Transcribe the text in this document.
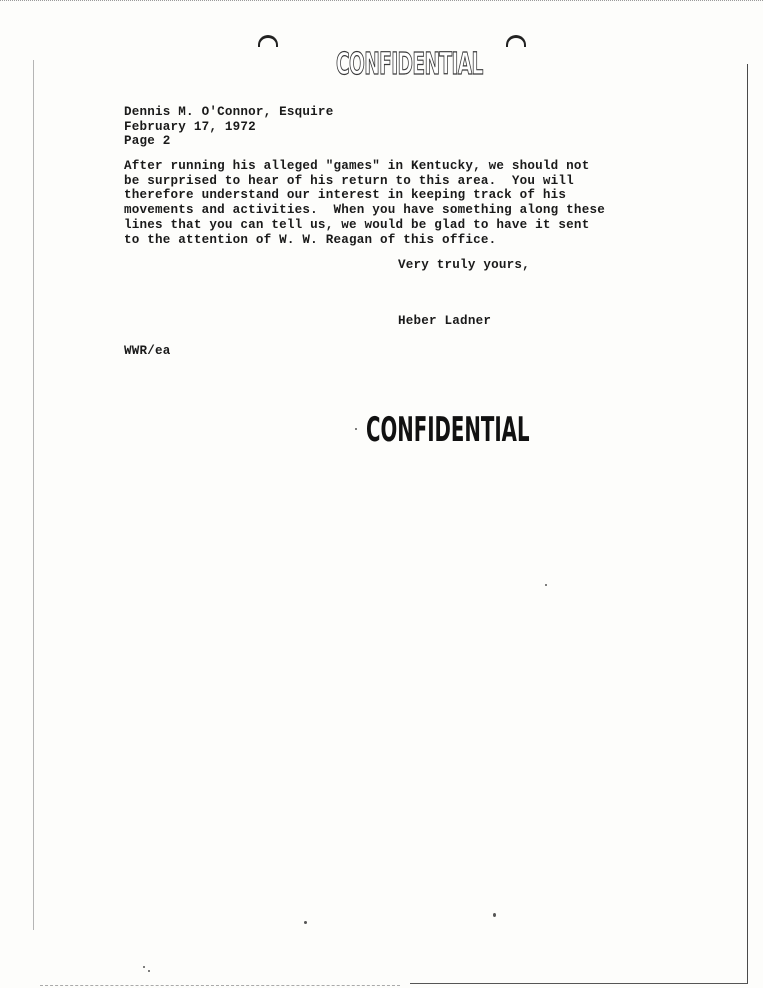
CONFIDENTIAL
Dennis M. O'Connor, Esquire
February 17, 1972
Page 2
After running his alleged "games" in Kentucky, we should not
be surprised to hear of his return to this area.  You will
therefore understand our interest in keeping track of his
movements and activities.  When you have something along these
lines that you can tell us, we would be glad to have it sent
to the attention of W. W. Reagan of this office.
Very truly yours,
Heber Ladner
WWR/ea
CONFIDENTIAL
